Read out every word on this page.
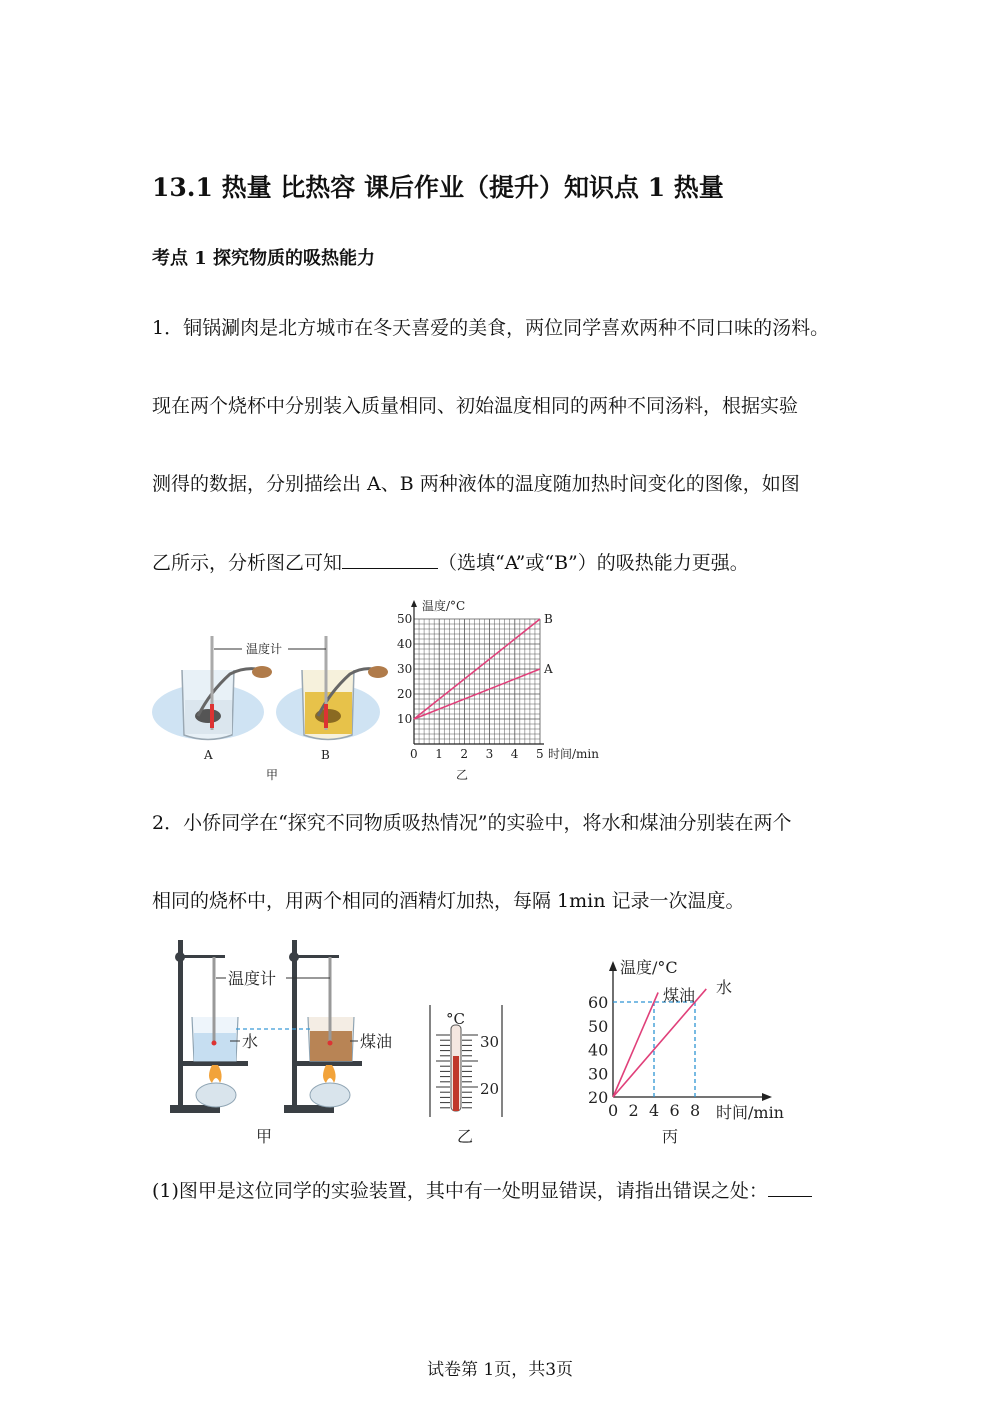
13.1 热量 比热容 课后作业（提升）知识点 1 热量
考点 1 探究物质的吸热能力
1．铜锅涮肉是北方城市在冬天喜爱的美食，两位同学喜欢两种不同口味的汤料。
现在两个烧杯中分别装入质量相同、初始温度相同的两种不同汤料，根据实验
测得的数据，分别描绘出 A、B 两种液体的温度随加热时间变化的图像，如图
乙所示，分析图乙可知	（选填“A”或“B”）的吸热能力更强。
温度计
A	B
甲	乙
0 1 2 3 4 5
10
20
30
40
50
温度/°C
时间/min
A
B
2．小侨同学在“探究不同物质吸热情况”的实验中，将水和煤油分别装在两个
相同的烧杯中，用两个相同的酒精灯加热，每隔 1min 记录一次温度。
温度计
水	煤油
°C
30
20
甲	乙	丙
0 2 4 6 8
20
30
40
50
60
温度/°C
时间/min
煤油 水
(1)图甲是这位同学的实验装置，其中有一处明显错误，请指出错误之处：
试卷第 1页，共3页
